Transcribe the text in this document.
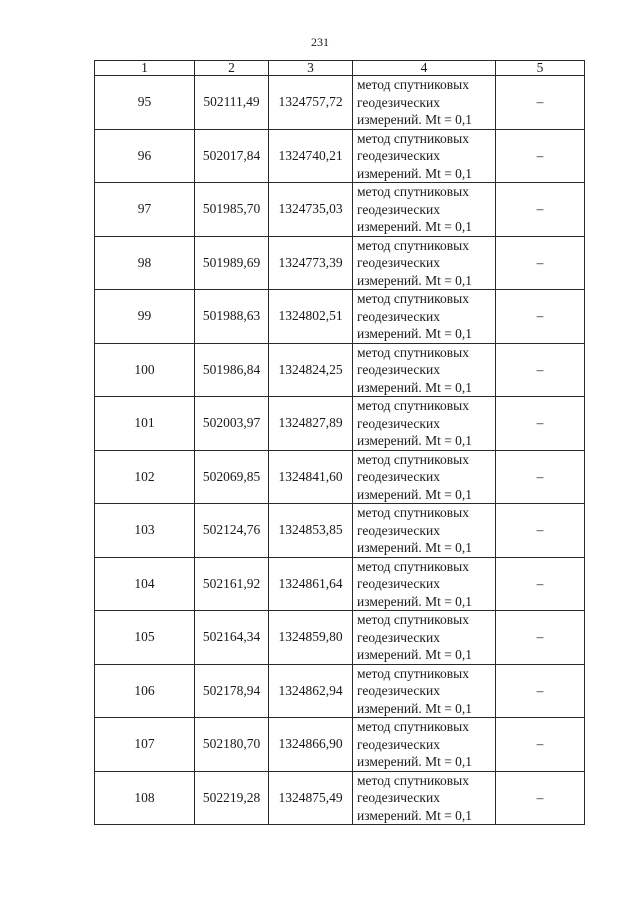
231
1	2	3	4	5
95	502111,49	1324757,72	метод спутниковых
геодезических
измерений. Mt = 0,1	–
96	502017,84	1324740,21	метод спутниковых
геодезических
измерений. Mt = 0,1	–
97	501985,70	1324735,03	метод спутниковых
геодезических
измерений. Mt = 0,1	–
98	501989,69	1324773,39	метод спутниковых
геодезических
измерений. Mt = 0,1	–
99	501988,63	1324802,51	метод спутниковых
геодезических
измерений. Mt = 0,1	–
100	501986,84	1324824,25	метод спутниковых
геодезических
измерений. Mt = 0,1	–
101	502003,97	1324827,89	метод спутниковых
геодезических
измерений. Mt = 0,1	–
102	502069,85	1324841,60	метод спутниковых
геодезических
измерений. Mt = 0,1	–
103	502124,76	1324853,85	метод спутниковых
геодезических
измерений. Mt = 0,1	–
104	502161,92	1324861,64	метод спутниковых
геодезических
измерений. Mt = 0,1	–
105	502164,34	1324859,80	метод спутниковых
геодезических
измерений. Mt = 0,1	–
106	502178,94	1324862,94	метод спутниковых
геодезических
измерений. Mt = 0,1	–
107	502180,70	1324866,90	метод спутниковых
геодезических
измерений. Mt = 0,1	–
108	502219,28	1324875,49	метод спутниковых
геодезических
измерений. Mt = 0,1	–
